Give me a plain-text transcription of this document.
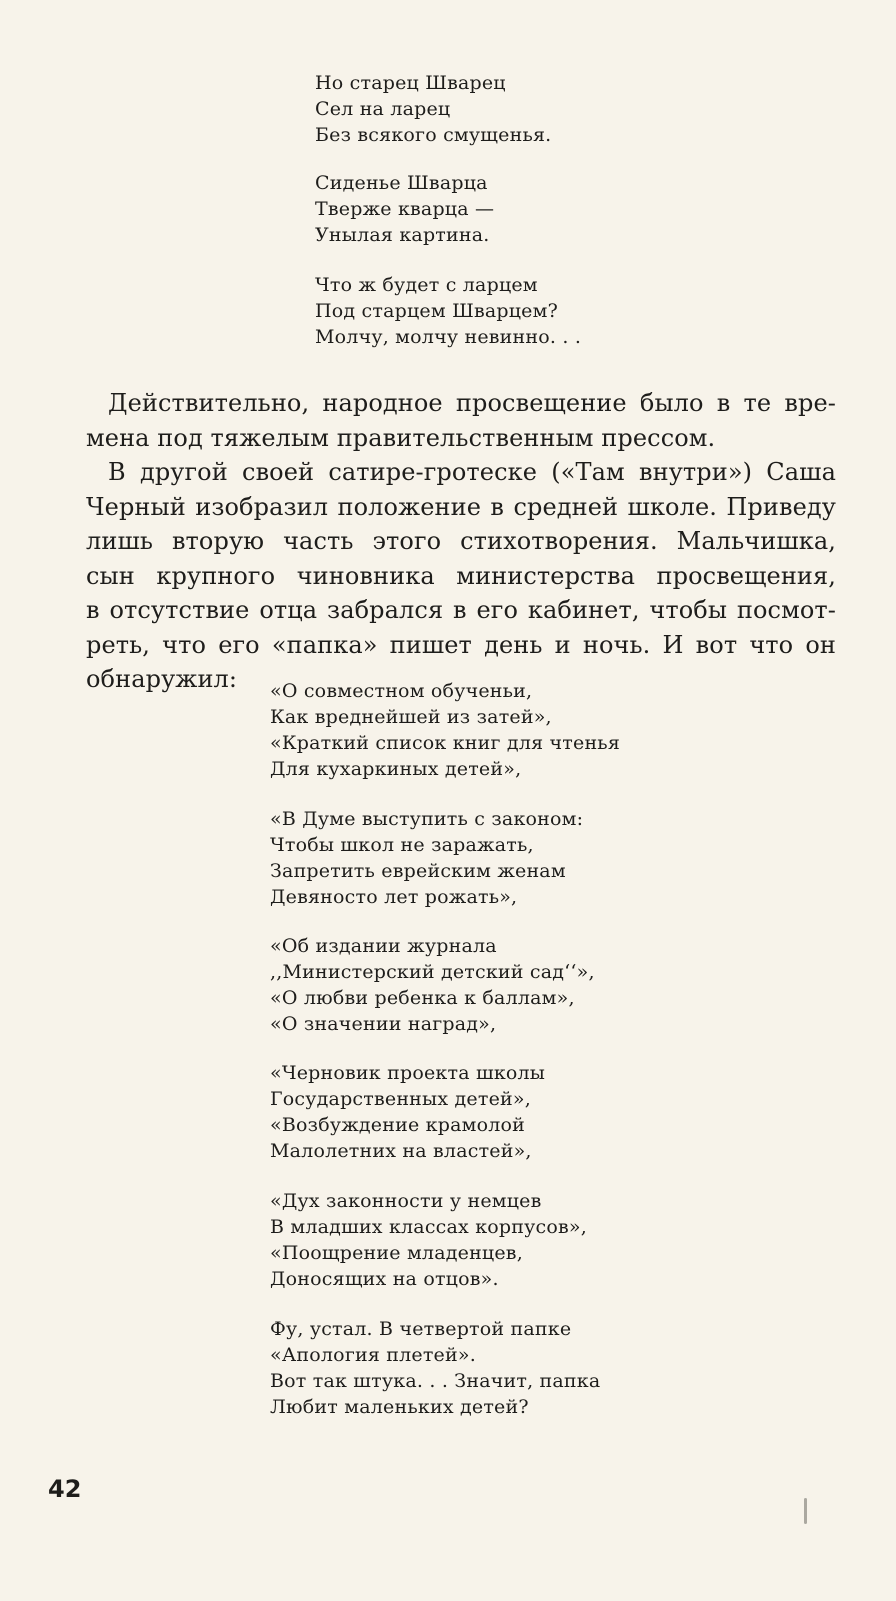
Но старец Шварец
Сел на ларец
Без всякого смущенья.
Сиденье Шварца
Тверже кварца —
Унылая картина.
Что ж будет с ларцем
Под старцем Шварцем?
Молчу, молчу невинно. . .
Действительно, народное просвещение было в те вре-
мена под тяжелым правительственным прессом.
В другой своей сатире-гротеске («Там внутри») Саша
Черный изобразил положение в средней школе. Приведу
лишь вторую часть этого стихотворения. Мальчишка,
сын крупного чиновника министерства просвещения,
в отсутствие отца забрался в его кабинет, чтобы посмот-
реть, что его «папка» пишет день и ночь. И вот что он
обнаружил:	«О совместном обученьи,
Как вреднейшей из затей»,
«Краткий список книг для чтенья
Для кухаркиных детей»,
«В Думе выступить с законом:
Чтобы школ не заражать,
Запретить еврейским женам
Девяносто лет рожать»,
«Об издании журнала
,,Министерский детский сад‘‘»,
«О любви ребенка к баллам»,
«О значении наград»,
«Черновик проекта школы
Государственных детей»,
«Возбуждение крамолой
Малолетних на властей»,
«Дух законности у немцев
В младших классах корпусов»,
«Поощрение младенцев,
Доносящих на отцов».
Фу, устал. В четвертой папке
«Апология плетей».
Вот так штука. . . Значит, папка
Любит маленьких детей?
42
